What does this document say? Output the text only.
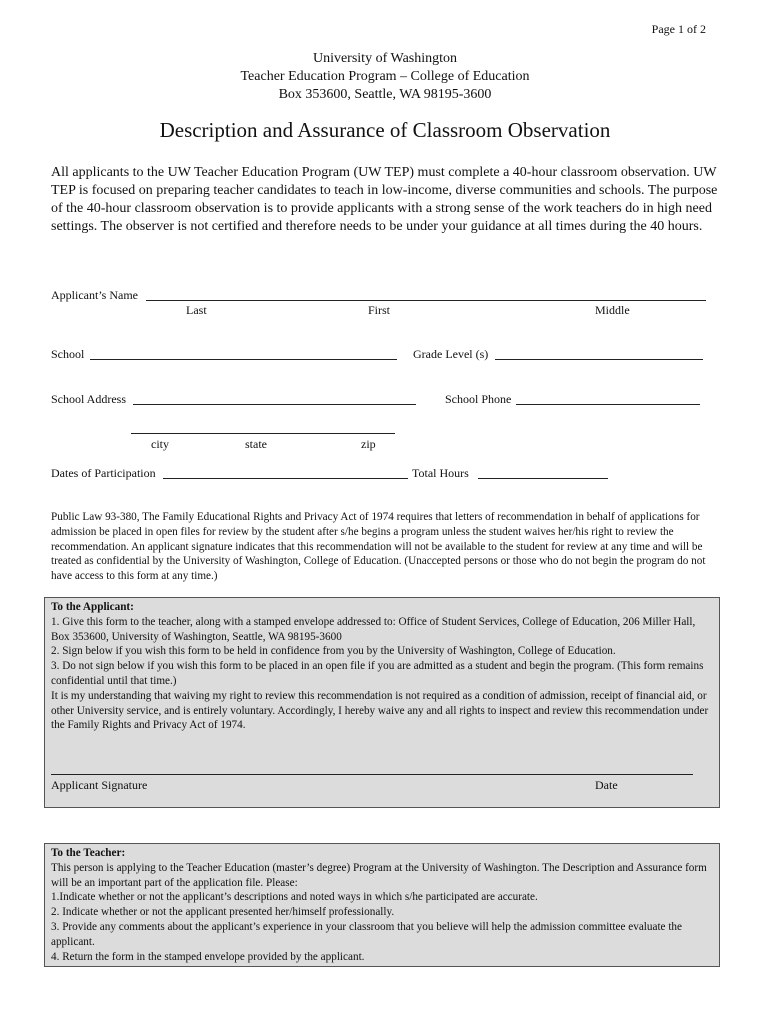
Page 1 of 2
University of Washington
Teacher Education Program – College of Education
Box 353600, Seattle, WA 98195-3600
Description and Assurance of Classroom Observation

All applicants to the UW Teacher Education Program (UW TEP) must complete a 40-hour classroom observation. UW TEP is focused on preparing teacher candidates to teach in low-income, diverse communities and schools. The purpose of the 40-hour classroom observation is to provide applicants with a strong sense of the work teachers do in high need settings. The observer is not certified and therefore needs to be under your guidance at all times during the 40 hours.

Applicant’s Name
Last	First	Middle
School	Grade Level (s)
School Address	School Phone
city	state	zip
Dates of Participation	Total Hours

Public Law 93-380, The Family Educational Rights and Privacy Act of 1974 requires that letters of recommendation in behalf of applications for admission be placed in open files for review by the student after s/he begins a program unless the student waives her/his right to review the recommendation. An applicant signature indicates that this recommendation will not be available to the student for review at any time and will be treated as confidential by the University of Washington, College of Education. (Unaccepted persons or those who do not begin the program do not have access to this form at any time.)

To the Applicant:

1. Give this form to the teacher, along with a stamped envelope addressed to: Office of Student Services, College of Education, 206 Miller Hall, Box 353600, University of Washington, Seattle, WA 98195-3600

2. Sign below if you wish this form to be held in confidence from you by the University of Washington, College of Education.

3. Do not sign below if you wish this form to be placed in an open file if you are admitted as a student and begin the program. (This form remains confidential until that time.)

It is my understanding that waiving my right to review this recommendation is not required as a condition of admission, receipt of financial aid, or other University service, and is entirely voluntary. Accordingly, I hereby waive any and all rights to inspect and review this recommendation under the Family Rights and Privacy Act of 1974.

Applicant Signature	Date

To the Teacher:

This person is applying to the Teacher Education (master’s degree) Program at the University of Washington. The Description and Assurance form will be an important part of the application file. Please:

1.Indicate whether or not the applicant’s descriptions and noted ways in which s/he participated are accurate.

2. Indicate whether or not the applicant presented her/himself professionally.

3. Provide any comments about the applicant’s experience in your classroom that you believe will help the admission committee evaluate the applicant.

4. Return the form in the stamped envelope provided by the applicant.
